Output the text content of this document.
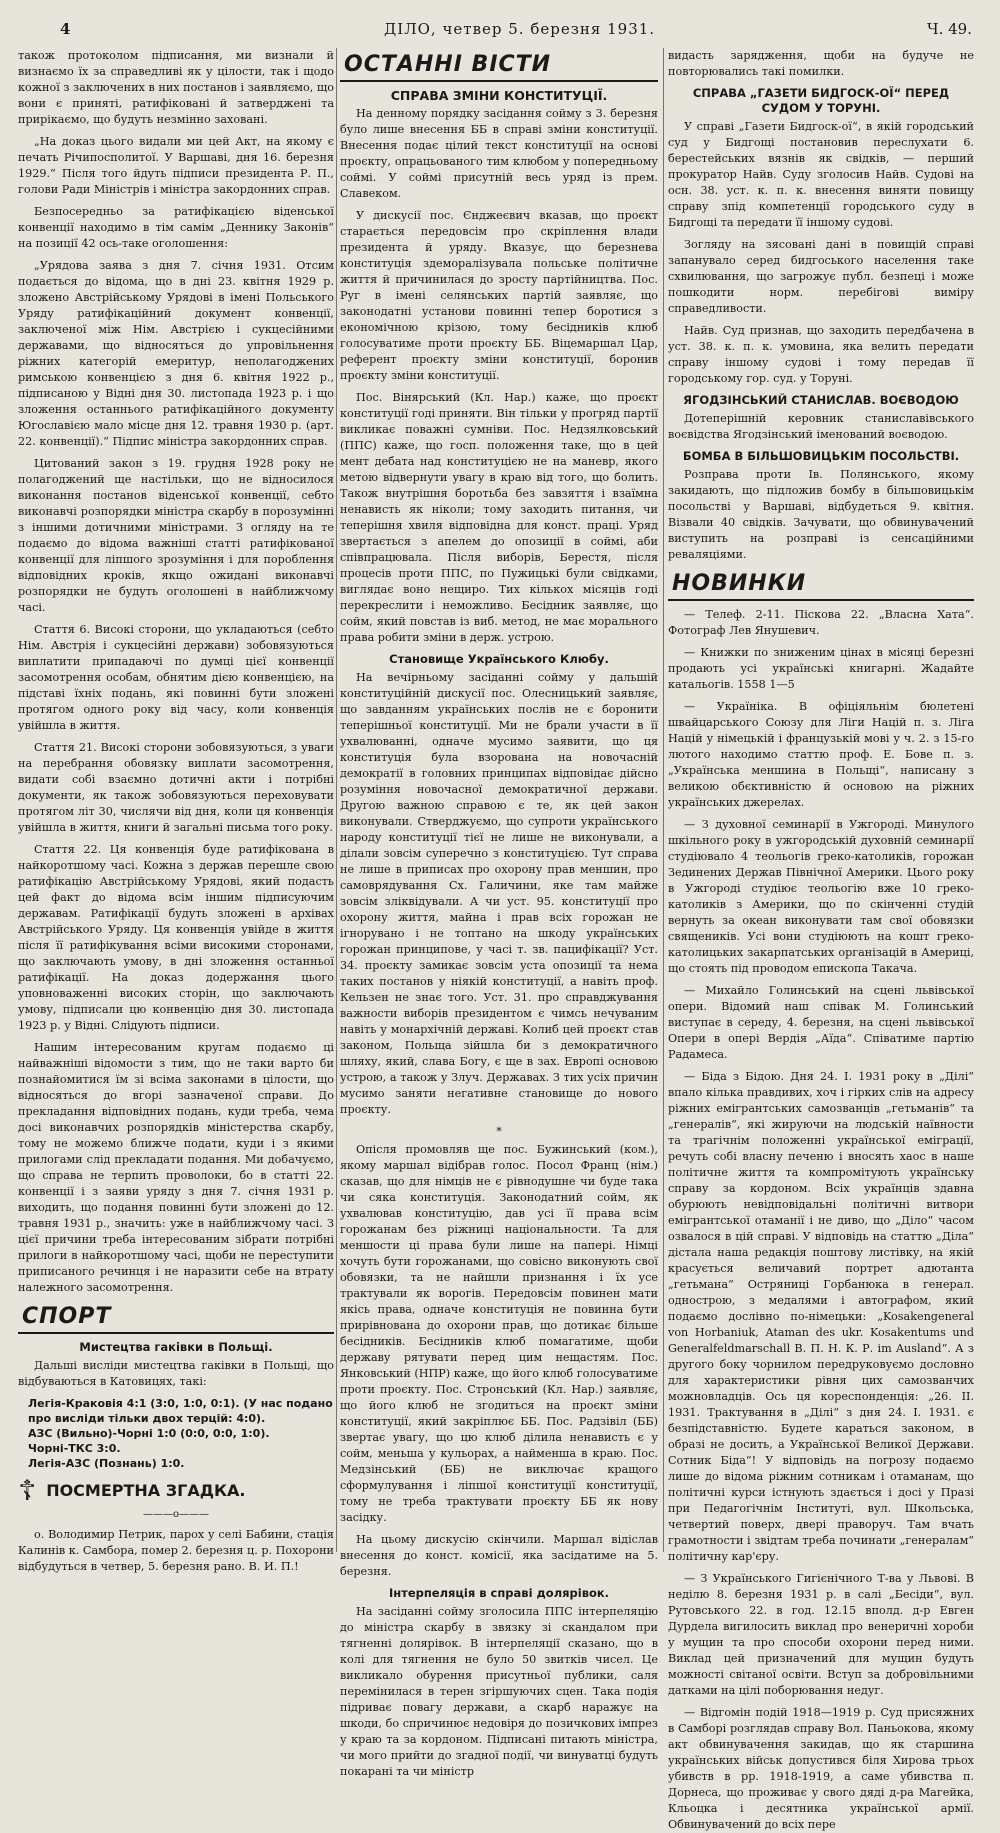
4	ДІЛО, четвер 5. березня 1931.	Ч. 49.

також протоколом підписання, ми визнали й визнаємо їх за справедливі як у цілости, так і щодо кожної з заключених в них постанов і заявляємо, що вони є приняті, ратифіковані й затверджені та прирікаємо, що будуть незмінно заховані.

„На доказ цього видали ми цей Акт, на якому є печать Річипосполитої. У Варшаві, дня 16. березня 1929.“ Після того йдуть підписи президента Р. П., голови Ради Міністрів і міністра закордонних справ.

Безпосередньо за ратифікацією віденської конвенції находимо в тім самім „Деннику Законів“ на позиції 42 ось-таке оголошення:

„Урядова заява з дня 7. січня 1931. Отсим подається до відома, що в дні 23. квітня 1929 р. зложено Австрійському Урядові в імені Польського Уряду ратифікаційний документ конвенції, заключеної між Нім. Австрією і сукцесійними державами, що відносяться до упровільнення ріжних категорій емеритур, неполагоджених римською конвенцією з дня 6. квітня 1922 р., підписаною у Відні дня 30. листопада 1923 р. і що зложення останнього ратифікаційного документу Югославією мало місце дня 12. травня 1930 р. (арт. 22. конвенції).“ Підпис міністра закордонних справ.

Цитований закон з 19. грудня 1928 року не полагоджений ще настільки, що не відносилося виконання постанов віденської конвенції, себто виконавчі розпорядки міністра скарбу в порозумінні з іншими дотичними міністрами. З огляду на те подаємо до відома важніші статті ратифікованої конвенції для ліпшого зрозуміння і для пороблення відповідних кроків, якщо ожидані виконавчі розпорядки не будуть оголошені в найближчому часі.

Стаття 6. Високі сторони, що укладаються (себто Нім. Австрія і сукцесійні держави) зобовязуються виплатити припадаючі по думці цієї конвенції засомотрення особам, обнятим дією конвенцією, на підставі їхніх подань, які повинні бути зложені протягом одного року від часу, коли конвенція увійшла в життя.

Стаття 21. Високі сторони зобовязуються, з уваги на перебрання обовязку виплати засомотрення, видати собі взаємно дотичні акти і потрібні документи, як також зобовязуються переховувати протягом літ 30, числячи від дня, коли ця конвенція увійшла в життя, книги й загальні письма того року.

Стаття 22. Ця конвенція буде ратифікована в найкоротшому часі. Кожна з держав перешле свою ратифікацію Австрійському Урядові, який подасть цей факт до відома всім іншим підписуючим державам. Ратифікації будуть зложені в архівах Австрійського Уряду. Ця конвенція увійде в життя після її ратифікування всіми високими сторонами, що заключають умову, в дні зложення останньої ратифікації. На доказ додержання цього уповноваженні високих сторін, що заключають умову, підписали цю конвенцію дня 30. листопада 1923 р. у Відні. Слідують підписи.

Нашим інтересованим кругам подаємо ці найважніші відомости з тим, що не таки варто би познайомитися їм зі всіма законами в цілости, що відносяться до вгорі зазначеної справи. До прекладання відповідних подань, куди треба, чема досі виконавчих розпорядків міністерства скарбу, тому не можемо ближче подати, куди і з якими прилогами слід прекладати подання. Ми добачуємо, що справа не терпить проволоки, бо в статті 22. конвенції і з заяви уряду з дня 7. січня 1931 р. виходить, що подання повинні бути зложені до 12. травня 1931 р., значить: уже в найближчому часі. З цієї причини треба інтересованим зібрати потрібні прилоги в найкоротшому часі, щоби не переступити приписаного речинця і не наразити себе на втрату належного засомотрення.

СПОРТ
Мистецтва гакiвки в Польщi.

Дальші висліди мистецтва гакiвки в Польщі, що відбуваються в Катовицях, такі:

Легія-Краковія 4:1 (3:0, 1:0, 0:1). (У нас подано про висліди тільки двох терцій: 4:0).
АЗС (Вильно)-Чорні 1:0 (0:0, 0:0, 1:0).
Чорні-ТКС 3:0.
Легія-АЗС (Познань) 1:0.
☦ ПОСМЕРТНА ЗГАДКА.
———o———

о. Володимир Петрик, парох у селі Бабини, стація Калинів к. Самбора, помер 2. березня ц. р. Похорони відбудуться в четвер, 5. березня рано. В. И. П.!

ОСТАННІ ВІСТИ
СПРАВА ЗМІНИ КОНСТИТУЦІЇ.

На денному порядку засідання сойму з 3. березня було лише внесення ББ в справі зміни конституції. Внесення подає цілий текст конституції на основі проєкту, опрацьованого тим клюбом у попередньому соймі. У соймі присутній весь уряд із прем. Славеком.

У дискусії пос. Єнджеєвич вказав, що проєкт старається передовсім про скріплення влади президента й уряду. Вказує, що березнева конституція здеморалізувала польське політичне життя й причинилася до зросту партійництва. Пос. Руг в імені селянських партій заявляє, що законодатні установи повинні тепер боротися з економічною крізою, тому бесідників клюб голосуватиме проти проєкту ББ. Віцемаршал Цар, референт проєкту зміни конституції, боронив проєкту зміни конституції.

Пос. Вінярський (Кл. Нар.) каже, що проєкт конституції годі приняти. Він тільки у прогряд партії викликає поважні сумніви. Пос. Недзялковський (ППС) каже, що госп. положення таке, що в цей мент дебата над конституцією не на маневр, якого метою відвернути увагу в краю від того, що болить. Також внутрішня боротьба без завзяття і взаїмна ненависть як ніколи; тому заходить питання, чи теперішня хвиля відповідна для конст. праці. Уряд звертається з апелем до опозиції в соймі, аби співпрацювала. Після виборів, Берестя, після процесів проти ППС, по Пужицькі були свідками, виглядає воно нещиро. Тих кількох місяців годі перекреслити і неможливо. Бесідник заявляє, що сойм, який повстав із виб. метод, не має морального права робити зміни в держ. устрою.

Становище Українського Клюбу.

На вечірньому засіданні сойму у дальшій конституційній дискусії пос. Олесницький заявляє, що завданням українських послів не є боронити теперішньої конституції. Ми не брали участи в її ухвалюванні, одначе мусимо заявити, що ця конституція була взорована на новочасній демократії в головних принципах відповідає дійсно розуміння новочасної демократичної держави. Другою важною справою є те, як цей закон виконували. Стверджуємо, що супроти українського народу конституції тієї не лише не виконували, а ділали зовсім суперечно з конституцією. Тут справа не лише в приписах про охорону прав меншин, про самоврядування Сх. Галичини, яке там майже зовсім зліквідували. А чи уст. 95. конституції про охорону життя, майна і прав всіх горожан не ігнорувано і не топтано на шкоду українських горожан принципове, у часі т. зв. пацифікації? Уст. 34. проєкту замикає зовсім уста опозиції та нема таких постанов у ніякій конституції, а навіть проф. Кельзен не знає того. Уст. 31. про справджування важности виборів президентом є чимсь нечуваним навіть у монархічній державі. Колиб цей проєкт став законом, Польща зійшла би з демократичного шляху, який, слава Богу, є ще в зах. Европі основою устрою, а також у Злуч. Державах. З тих усіх причин мусимо заняти негативне становище до нового проєкту.

*

Опісля промовляв ще пос. Бужинський (ком.), якому маршал відібрав голос. Посол Франц (нім.) сказав, що для німців не є рівнодушне чи буде така чи сяка конституція. Законодатний сойм, як ухвалював конституцію, дав усі її права всім горожанам без ріжниці національности. Та для меншости ці права були лише на папері. Німці хочуть бути горожанами, що совісно виконують свої обовязки, та не найшли признання і їх усе трактували як ворогів. Передовсім повинен мати якісь права, одначе конституція не повинна бути прирівнована до охорони прав, що дотикає більше бесідників. Бесідників клюб помагатиме, щоби державу рятувати перед цим нещастям. Пос. Янковський (НПР) каже, що його клюб голосуватиме проти проєкту. Пос. Стронський (Кл. Нар.) заявляє, що його клюб не згодиться на проєкт зміни конституції, який закріплює ББ. Пос. Радзівіл (ББ) звертає увагу, що цю клюб ділила ненависть є у сойм, меньша у кульорах, а найменша в краю. Пос. Медзінський (ББ) не виключає кращого сформулування і ліпшої конституції конституції, тому не треба трактувати проєкту ББ як нову засідку.

На цьому дискусію скінчили. Маршал відіслав внесення до конст. комісії, яка засідатиме на 5. березня.

Інтерпеляція в справі долярівок.

На засіданні сойму зголосила ППС інтерпеляцію до міністра скарбу в звязку зі скандалом при тягненні долярівок. В інтерпеляції сказано, що в колі для тягнення не було 50 звитків чисел. Це викликало обурення присутньої публики, саля перемінилася в терен згіршуючих сцен. Така подія підриває повагу держави, а скарб наражує на шкоди, бо спричинює недовіря до позичкових імпрез у краю та за кордоном. Підписані питають міністра, чи мого прийти до згадної події, чи винуватці будуть покарані та чи міністр

видасть зарядження, щоби на будуче не повторювались такі помилки.

СПРАВА „ГАЗЕТИ БИДГОСК-ОЇ“ ПЕРЕД СУДОМ У ТОРУНІ.

У справі „Газети Бидгоск-ої“, в якій городський суд у Бидгощі постановив переслухати 6. берестейських вязнів як свідків, — перший прокуратор Найв. Суду зголосив Найв. Судові на осн. 38. уст. к. п. к. внесення виняти повищу справу зпід компетенції городського суду в Бидгощі та передати її іншому судові.

Зогляду на зясовані дані в повищій справі запанувало серед бидгоського населення таке схвилювання, що загрожує публ. безпеці і може пошкодити норм. перебігові виміру справедливости.

Найв. Суд признав, що заходить передбачена в уст. 38. к. п. к. умовина, яка велить передати справу іншому судові і тому передав її городському гор. суд. у Торуні.

ЯГОДЗІНСЬКИЙ СТАНИСЛАВ. ВОЄВОДОЮ

Дотеперішній керовник станиславівського воєвідства Ягодзінський іменований воєводою.

БОМБА В БІЛЬШОВИЦЬКІМ ПОСОЛЬСТВІ.

Розправа проти Ів. Полянського, якому закидають, що підложив бомбу в більшовицькім посольстві у Варшаві, відбудеться 9. квітня. Візвали 40 свідків. Зачувати, що обвинувачений виступить на розправі із сенсаційними реваляціями.

НОВИНКИ

— Телеф. 2-11. Піскова 22. „Власна Хата“. Фотограф Лев Янушевич.

— Книжки по зниженим цінах в місяці березні продають усі українські книгарні. Жадайте катальогів. 1558 1—5

— Україніка. В офіціяльнім бюлетені швайцарського Союзу для Ліги Націй п. з. Ліга Націй у німецькій і французькій мові у ч. 2. з 15-го лютого находимо статтю проф. Е. Бове п. з. „Українська меншина в Польщі“, написану з великою обєктивністю й основою на ріжних українських джерелах.

— З духовної семинарії в Ужгороді. Минулого шкільного року в ужгородській духовній семинарії студіювало 4 теольогів греко-католиків, горожан Зединених Держав Північної Америки. Цього року в Ужгороді студіює теольогію вже 10 греко-католиків з Америки, що по скінченні студій вернуть за океан виконувати там свої обовязки священиків. Усі вони студіюють на кошт греко-католицьких закарпатських організацій в Америці, що стоять під проводом епископа Такача.

— Михайло Голинський на сцені львівської опери. Відомий наш співак М. Голинський виступає в середу, 4. березня, на сцені львівської Опери в опері Вердія „Аїда“. Співатиме партію Радамеса.

— Біда з Бідою. Дня 24. І. 1931 року в „Ділі“ впало кілька правдивих, хоч і гірких слів на адресу ріжних емігрантських самозванців „гетьманів“ та „генералів“, які жируючи на людській наївности та трагічнім положенні української еміграції, речуть собі власну печеню і вносять хаос в наше політичне життя та компромітують українську справу за кордоном. Всіх українців здавна обурюють невідповідальні політичні витвори емігрантської отаманії і не диво, що „Діло“ часом озвалося в цій справі. У відповідь на статтю „Діла“ дістала наша редакція поштову листівку, на якій красується величавий портрет адютанта „гетьмана“ Остряниці Горбанюка в генерал. однострою, з медалями і автографом, який подаємо дослівно по-німецьки: „Kosakengeneral von Horbaniuk, Ataman des ukr. Kosakentums und Generalfeldmarschall В. П. Н. К. Р. im Ausland“. А з другого боку чорнилом передруковуємо дословно для характеристики рівня цих самозванчих можновладців. Ось ця кореспонденція: „26. II. 1931. Трактування в „Ділі“ з дня 24. І. 1931. є безпідставністю. Будете караться законом, в образі не досить, а Української Великої Держави. Сотник Біда“! У відповідь на погрозу подаємо лише до відома ріжним сотникам і отаманам, що політичні курси істнують здається і досі у Празі при Педагогічнім Інституті, вул. Школьська, четвертий поверх, двері праворуч. Там вчать грамотности і звідтам треба починати „генералам“ політичну кар'єру.

— З Українського Гигієнічного Т-ва у Львові. В неділю 8. березня 1931 р. в салі „Бесіди“, вул. Рутовського 22. в год. 12.15 вполд. д-р Евген Дурдела вигилосить виклад про венеричні хороби у мущин та про способи охорони перед ними. Виклад цей призначений для мущин будуть можності світаної освіти. Вступ за добровільними датками на цілі поборювання недуг.

— Відгомін подій 1918—1919 р. Суд присяжних в Самборі розглядав справу Вол. Паньокова, якому акт обвинувачення закидав, що як старшина українських військ допустився біля Хирова трьох убивств в рр. 1918-1919, а саме убивства п. Дорнеса, що проживає у свого дяді д-ра Магейка, Кльоцка і десятника української армії. Обвинувачений до всіх пере
